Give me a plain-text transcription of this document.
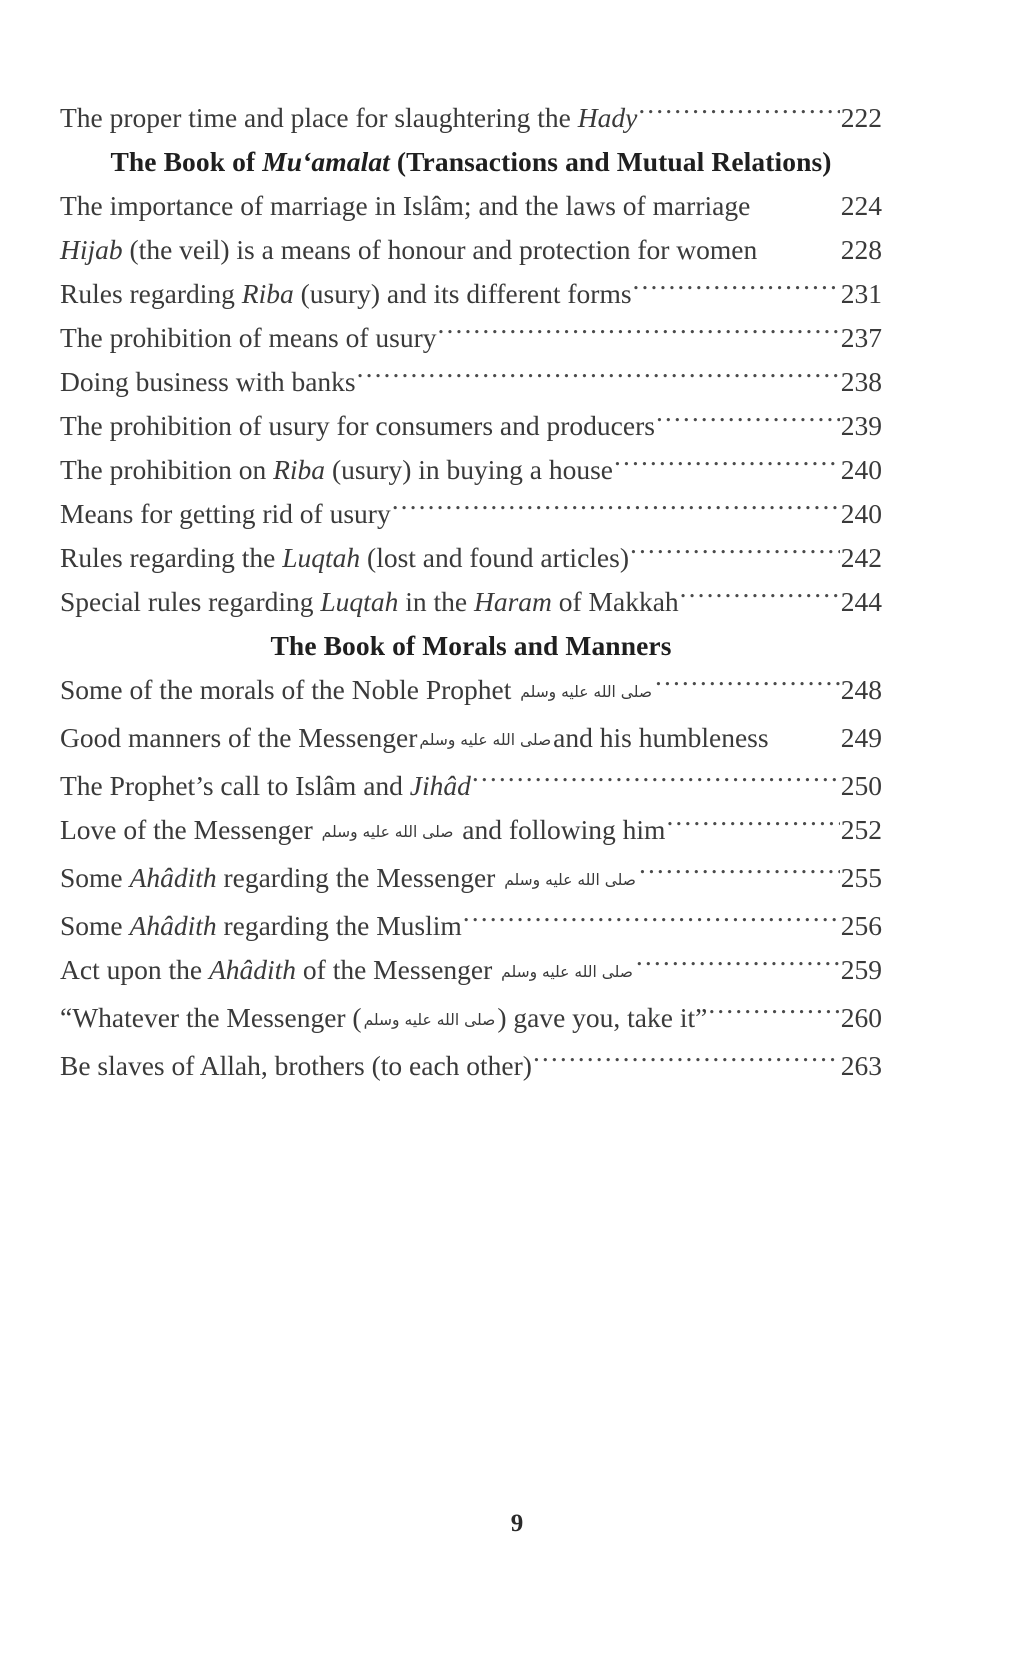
The proper time and place for slaughtering the Hady .....	222
The Book of Mu‘amalat (Transactions and Mutual Relations)
The importance of marriage in Islâm; and the laws of marriage	224
Hijab (the veil) is a means of honour and protection for women	228
Rules regarding Riba (usury) and its different forms .....	231
The prohibition of means of usury .....	237
Doing business with banks .....	238
The prohibition of usury for consumers and producers .....	239
The prohibition on Riba (usury) in buying a house .....	240
Means for getting rid of usury .....	240
Rules regarding the Luqtah (lost and found articles) .....	242
Special rules regarding Luqtah in the Haram of Makkah .....	244
The Book of Morals and Manners
Some of the morals of the Noble Prophet صلى الله عليه وسلم .....	248
Good manners of the Messenger صلى الله عليه وسلمand his humbleness	249
The Prophet’s call to Islâm and Jihâd .....	250
Love of the Messenger صلى الله عليه وسلم and following him .....	252
Some Ahâdith regarding the Messenger صلى الله عليه وسلم .....	255
Some Ahâdith regarding the Muslim .....	256
Act upon the Ahâdith of the Messenger صلى الله عليه وسلم .....	259
“Whatever the Messenger ( صلى الله عليه وسلم) gave you, take it” .....	260
Be slaves of Allah, brothers (to each other) .....	263
9
